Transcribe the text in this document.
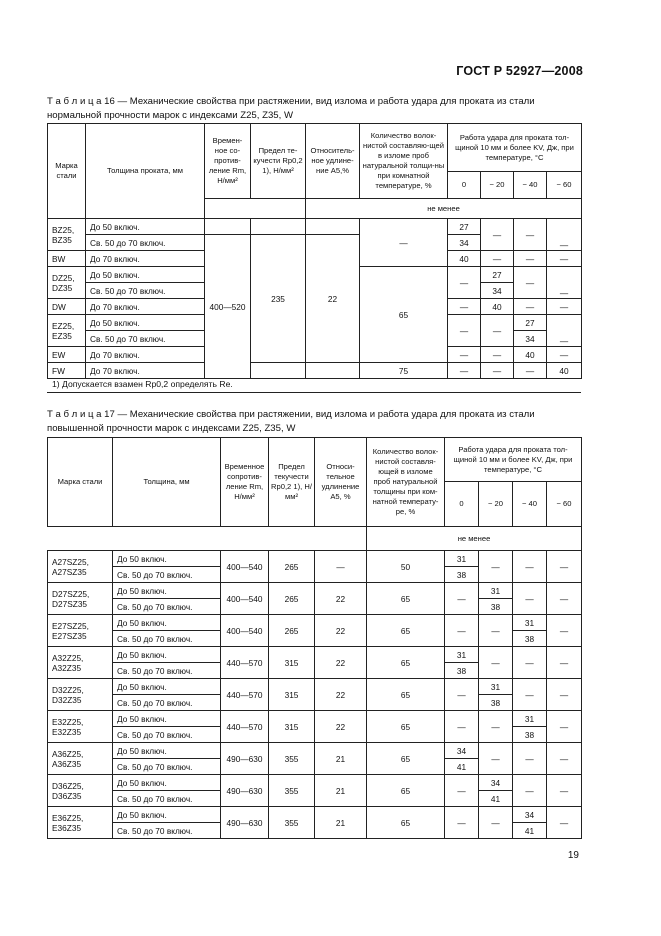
ГОСТ Р 52927—2008
Т а б л и ц а 16 — Механические свойства при растяжении, вид излома и работа удара для проката из стали нормальной прочности марок с индексами Z25, Z35, W
Марка стали	Толщина проката, мм	Времен-ное со-против-ление Rm, Н/мм²	Предел те-кучести Rp0,2 1), Н/мм²	Относитель-ное удлине-ние A5,%	Количество волок-нистой составляю-щей в изломе проб натуральной толщи-ны при комнатной температуре, %	Работа удара для проката тол-щиной 10 мм и более KV, Дж, при температуре, °С			
						0	− 20	− 40	− 60
				не менее					
BZ25,
BZ35	До 50 включ.				—	27	—	—	—
	Св. 50 до 70 включ.	400—520	235	22		34			
BW	До 70 включ.					40	—	—	—
DZ25,
DZ35	До 50 включ.				65	—	27	—	—
	Св. 50 до 70 включ.						34		
DW	До 70 включ.					—	40	—	—
EZ25,
EZ35	До 50 включ.					—	—	27	—
	Св. 50 до 70 включ.							34	
EW	До 70 включ.					—	—	40	—
FW	До 70 включ.				75	—	—	—	40
1) Допускается взамен Rp0,2 определять Re.
Т а б л и ц а 17 — Механические свойства при растяжении, вид излома и работа удара для проката из стали повышенной прочности марок с индексами Z25, Z35, W
Марка стали	Толщина, мм	Временное сопротив-ление Rm, Н/мм²	Предел текучести Rp0,2 1), Н/мм²	Относи-тельное удлинение A5, %	Количество волок-нистой составля-ющей в изломе проб натуральной толщины при ком-натной температу-ре, %	Работа удара для проката тол-щиной 10 мм и более KV, Дж, при температуре, °С			
						0	− 20	− 40	− 60
					не менее				
A27SZ25,
A27SZ35	До 50 включ.	400—540	265	—	50	31	—	—	—
	Св. 50 до 70 включ.					38			
D27SZ25,
D27SZ35	До 50 включ.	400—540	265	22	65	—	31	—	—
	Св. 50 до 70 включ.						38		
E27SZ25,
E27SZ35	До 50 включ.	400—540	265	22	65	—	—	31	—
	Св. 50 до 70 включ.							38	
A32Z25,
A32Z35	До 50 включ.	440—570	315	22	65	31	—	—	—
	Св. 50 до 70 включ.					38			
D32Z25,
D32Z35	До 50 включ.	440—570	315	22	65	—	31	—	—
	Св. 50 до 70 включ.						38		
E32Z25,
E32Z35	До 50 включ.	440—570	315	22	65	—	—	31	—
	Св. 50 до 70 включ.							38	
A36Z25,
A36Z35	До 50 включ.	490—630	355	21	65	34	—	—	—
	Св. 50 до 70 включ.					41			
D36Z25,
D36Z35	До 50 включ.	490—630	355	21	65	—	34	—	—
	Св. 50 до 70 включ.						41		
E36Z25,
E36Z35	До 50 включ.	490—630	355	21	65	—	—	34	—
	Св. 50 до 70 включ.							41	
19
